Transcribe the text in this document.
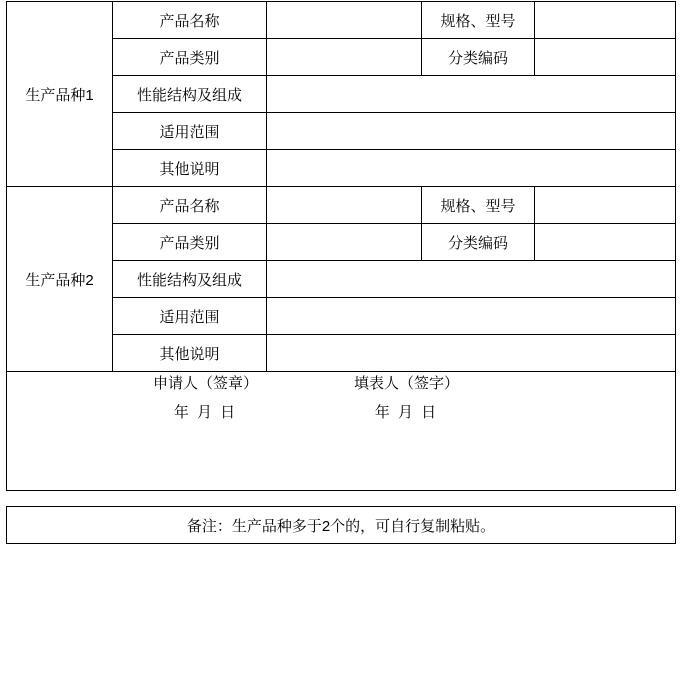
生产品种1	产品名称		规格、型号	
	产品类别		分类编码	
	性能结构及组成			
	适用范围			
	其他说明			
生产品种2	产品名称		规格、型号	
	产品类别		分类编码	
	性能结构及组成			
	适用范围			
	其他说明			

申请人（签章）
年 月 日
填表人（签字）
年 月 日				
备注：生产品种多于2个的，可自行复制粘贴。
